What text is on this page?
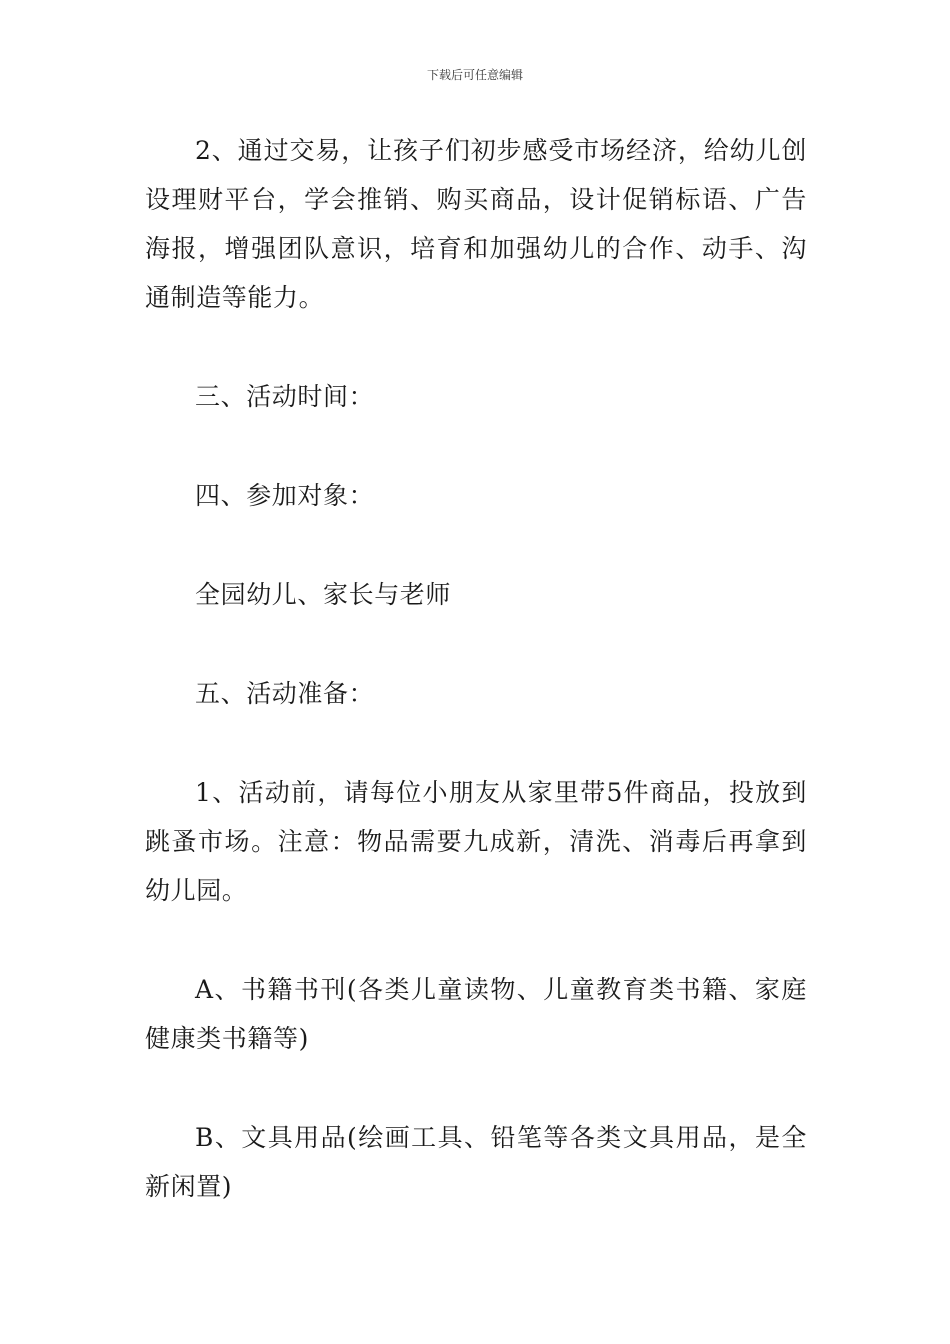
下载后可任意编辑

2、通过交易，让孩子们初步感受市场经济，给幼儿创设理财平台，学会推销、购买商品，设计促销标语、广告海报，增强团队意识，培育和加强幼儿的合作、动手、沟通制造等能力。

三、活动时间：

四、参加对象：

全园幼儿、家长与老师

五、活动准备：

1、活动前，请每位小朋友从家里带5件商品，投放到跳蚤市场。注意：物品需要九成新，清洗、消毒后再拿到幼儿园。

A、书籍书刊(各类儿童读物、儿童教育类书籍、家庭健康类书籍等)

B、文具用品(绘画工具、铅笔等各类文具用品，是全新闲置)
